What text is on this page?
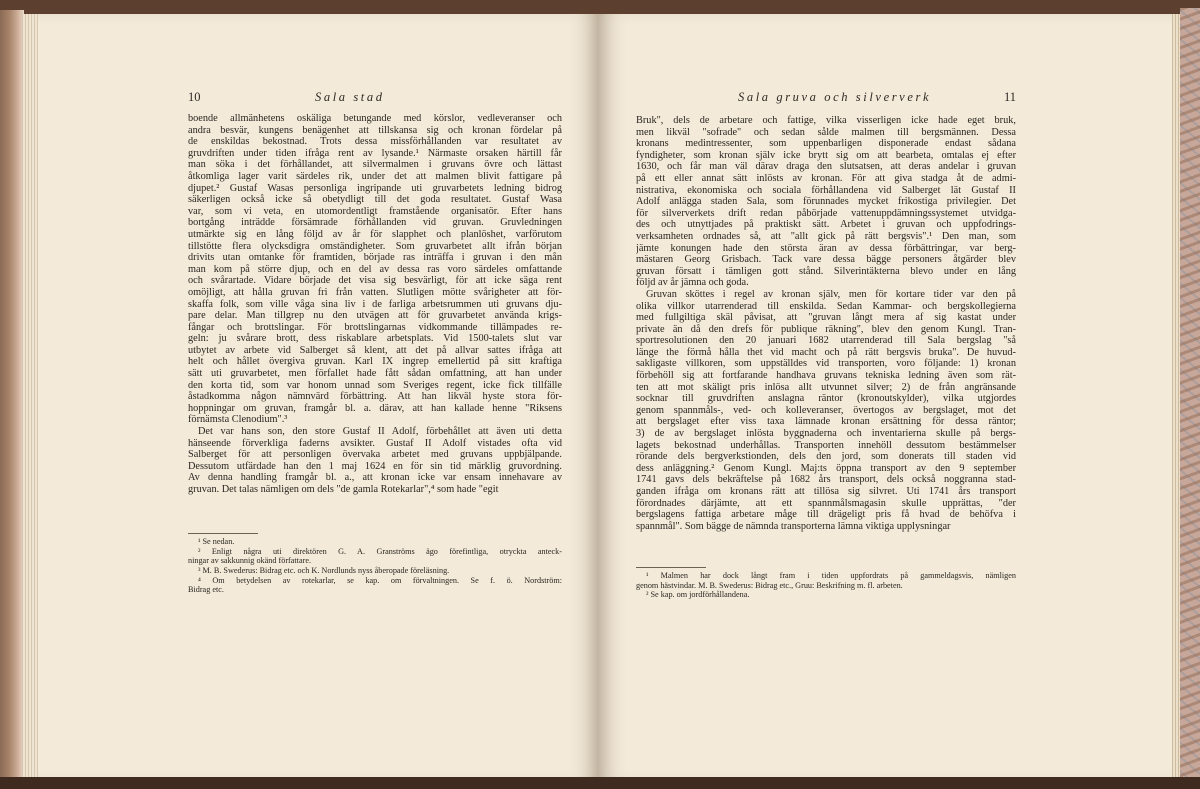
10	Sala stad
boende allmänhetens oskäliga betungande med körslor, vedleveranser och
andra besvär, kungens benägenhet att tillskansa sig och kronan fördelar på
de enskildas bekostnad. Trots dessa missförhållanden var resultatet av
gruvdriften under tiden ifråga rent av lysande.¹ Närmaste orsaken härtill får
man söka i det förhållandet, att silvermalmen i gruvans övre och lättast
åtkomliga lager varit särdeles rik, under det att malmen blivit fattigare på
djupet.² Gustaf Wasas personliga ingripande uti gruvarbetets ledning bidrog
säkerligen också icke så obetydligt till det goda resultatet. Gustaf Wasa
var, som vi veta, en utomordentligt framstående organisatör. Efter hans
bortgång inträdde försämrade förhållanden vid gruvan. Gruvledningen
utmärkte sig en lång följd av år för slapphet och planlöshet, varförutom
tillstötte flera olycksdigra omständigheter. Som gruvarbetet allt ifrån början
drivits utan omtanke för framtiden, började ras inträffa i gruvan i den mån
man kom på större djup, och en del av dessa ras voro särdeles omfattande
och svårartade. Vidare började det visa sig besvärligt, för att icke säga rent
omöjligt, att hålla gruvan fri från vatten. Slutligen mötte svårigheter att för-
skaffa folk, som ville våga sina liv i de farliga arbetsrummen uti gruvans dju-
pare delar. Man tillgrep nu den utvägen att för gruvarbetet använda krigs-
fångar och brottslingar. För brottslingarnas vidkommande tillämpades re-
geln: ju svårare brott, dess riskablare arbetsplats. Vid 1500-talets slut var
utbytet av arbete vid Salberget så klent, att det på allvar sattes ifråga att
helt och hållet övergiva gruvan. Karl IX ingrep emellertid på sitt kraftiga
sätt uti gruvarbetet, men förfallet hade fått sådan omfattning, att han under
den korta tid, som var honom unnad som Sveriges regent, icke fick tillfälle
åstadkomma någon nämnvärd förbättring. Att han likväl hyste stora för-
hoppningar om gruvan, framgår bl. a. därav, att han kallade henne "Riksens
förnämsta Clenodium".³
Det var hans son, den store Gustaf II Adolf, förbehållet att även uti detta
hänseende förverkliga faderns avsikter. Gustaf II Adolf vistades ofta vid
Salberget för att personligen övervaka arbetet med gruvans uppbjälpande.
Dessutom utfärdade han den 1 maj 1624 en för sin tid märklig gruvordning.
Av denna handling framgår bl. a., att kronan icke var ensam innehavare av
gruvan. Det talas nämligen om dels "de gamla Rotekarlar",⁴ som hade "egit
¹ Se nedan.
² Enligt några uti direktören G. A. Granströms ägo förefintliga, otryckta anteck-
ningar av sakkunnig okänd författare.
³ M. B. Swederus: Bidrag etc. och K. Nordlunds nyss åberopade föreläsning.
⁴ Om betydelsen av rotekarlar, se kap. om förvaltningen. Se f. ö. Nordström:
Bidrag etc.
Sala gruva och silververk	11
Bruk", dels de arbetare och fattige, vilka visserligen icke hade eget bruk,
men likväl "sofrade" och sedan sålde malmen till bergsmännen. Dessa
kronans medintressenter, som uppenbarligen disponerade endast sådana
fyndigheter, som kronan själv icke brytt sig om att bearbeta, omtalas ej efter
1630, och får man väl därav draga den slutsatsen, att deras andelar i gruvan
på ett eller annat sätt inlösts av kronan. För att giva stadga åt de admi-
nistrativa, ekonomiska och sociala förhållandena vid Salberget lät Gustaf II
Adolf anlägga staden Sala, som förunnades mycket frikostiga privilegier. Det
för silververkets drift redan påbörjade vattenuppdämningssystemet utvidga-
des och utnyttjades på praktiskt sätt. Arbetet i gruvan och uppfodrings-
verksamheten ordnades så, att "allt gick på rätt bergsvis".¹ Den man, som
jämte konungen hade den största äran av dessa förbättringar, var berg-
mästaren Georg Grisbach. Tack vare dessa bägge personers åtgärder blev
gruvan försatt i tämligen gott stånd. Silverintäkterna blevo under en lång
följd av år jämna och goda.
Gruvan sköttes i regel av kronan själv, men för kortare tider var den på
olika villkor utarrenderad till enskilda. Sedan Kammar- och bergskollegierna
med fullgiltiga skäl påvisat, att "gruvan långt mera af sig kastat under
private än då den drefs för publique räkning", blev den genom Kungl. Tran-
sportresolutionen den 20 januari 1682 utarrenderad till Sala bergslag "så
länge the förmå hålla thet vid macht och på rätt bergsvis bruka". De huvud-
sakligaste villkoren, som uppställdes vid transporten, voro följande: 1) kronan
förbehöll sig att fortfarande handhava gruvans tekniska ledning även som rät-
ten att mot skäligt pris inlösa allt utvunnet silver; 2) de från angränsande
socknar till gruvdriften anslagna räntor (kronoutskylder), vilka utgjordes
genom spannmåls-, ved- och kolleveranser, övertogos av bergslaget, mot det
att bergslaget efter viss taxa lämnade kronan ersättning för dessa räntor;
3) de av bergslaget inlösta byggnaderna och inventarierna skulle på bergs-
lagets bekostnad underhållas. Transporten innehöll dessutom bestämmelser
rörande dels bergverkstionden, dels den jord, som donerats till staden vid
dess anläggning.² Genom Kungl. Maj:ts öppna transport av den 9 september
1741 gavs dels bekräftelse på 1682 års transport, dels också noggranna stad-
ganden ifråga om kronans rätt att tillösa sig silvret. Uti 1741 års transport
förordnades därjämte, att ett spannmålsmagasin skulle upprättas, "der
bergslagens fattiga arbetare måge till drägeligt pris få hvad de behöfva i
spannmål". Som bägge de nämnda transporterna lämna viktiga upplysningar
¹ Malmen har dock långt fram i tiden uppfordrats på gammeldagsvis, nämligen
genom hästvindar. M. B. Swederus: Bidrag etc., Gruu: Beskrifning m. fl. arbeten.
² Se kap. om jordförhållandena.
